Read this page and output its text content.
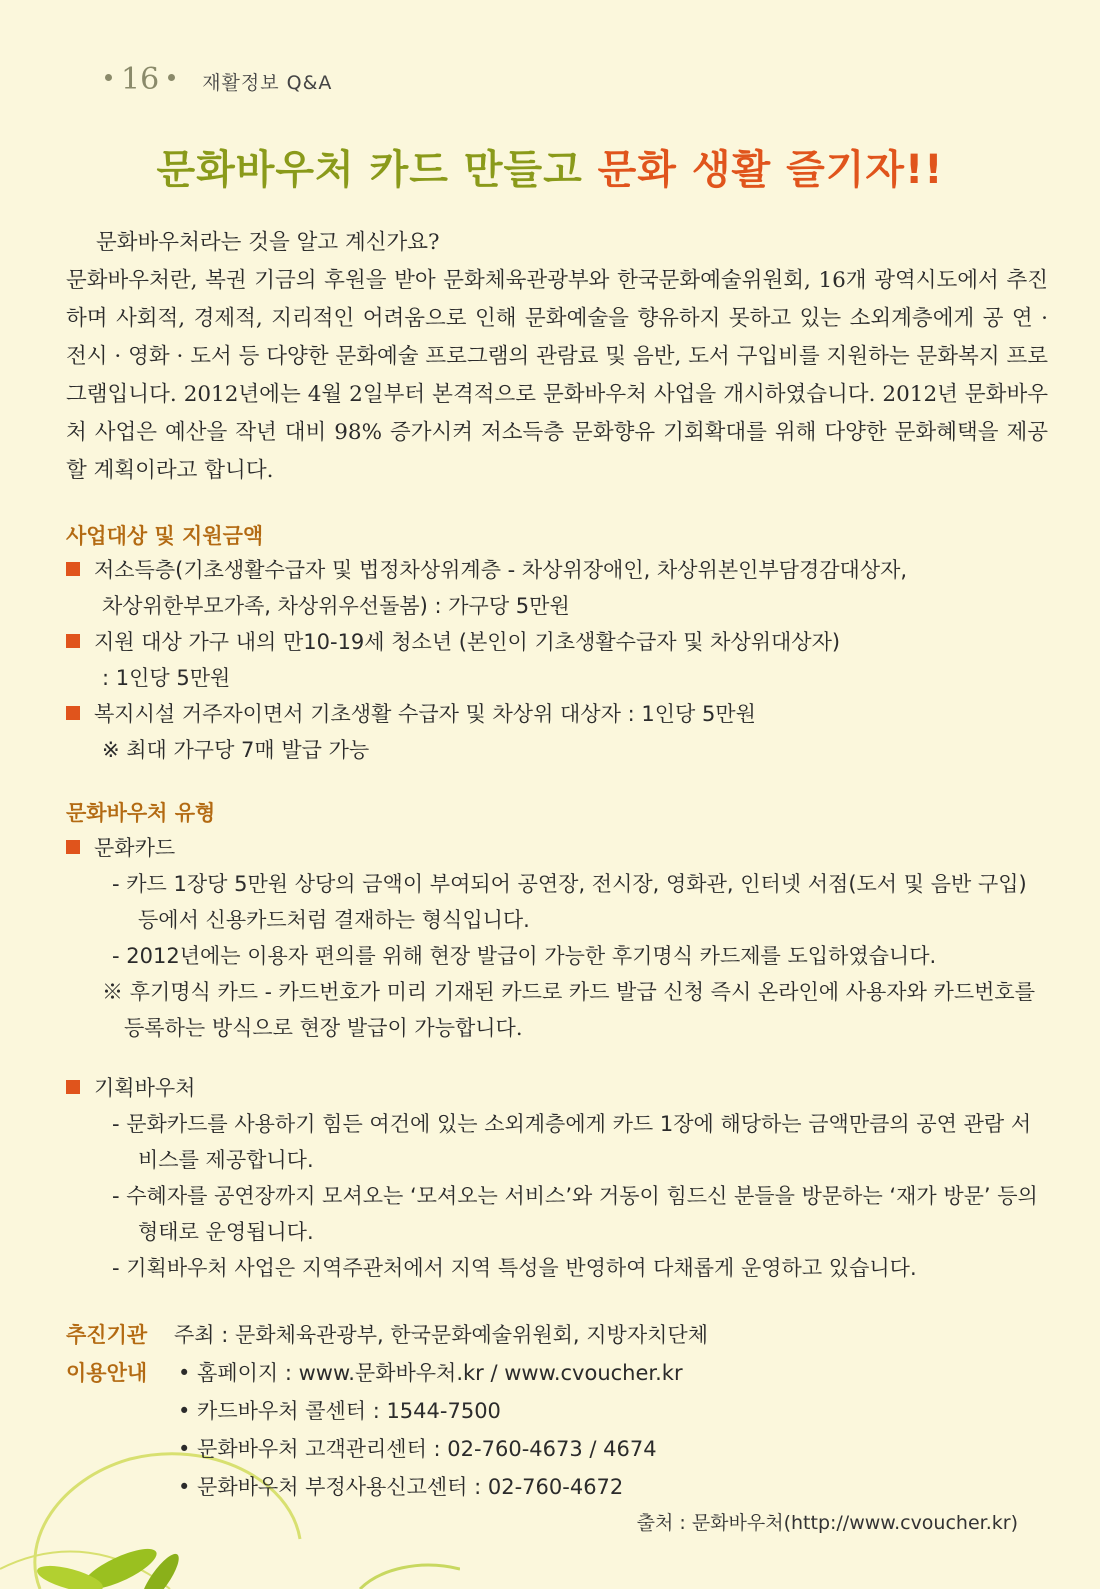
16 재활정보 Q&A
문화바우처 카드 만들고 문화 생활 즐기자!!

문화바우처라는 것을 알고 계신가요?

문화바우처란, 복권 기금의 후원을 받아 문화체육관광부와 한국문화예술위원회, 16개 광역시도에서 추진하며 사회적, 경제적, 지리적인 어려움으로 인해 문화예술을 향유하지 못하고 있는 소외계층에게 공 연 · 전시 · 영화 · 도서 등 다양한 문화예술 프로그램의 관람료 및 음반, 도서 구입비를 지원하는 문화복지 프로그램입니다. 2012년에는 4월 2일부터 본격적으로 문화바우처 사업을 개시하였습니다. 2012년 문화바우처 사업은 예산을 작년 대비 98% 증가시켜 저소득층 문화향유 기회확대를 위해 다양한 문화혜택을 제공할 계획이라고 합니다.

사업대상 및 지원금액
저소득층(기초생활수급자 및 법정차상위계층 - 차상위장애인, 차상위본인부담경감대상자,
차상위한부모가족, 차상위우선돌봄) : 가구당 5만원
지원 대상 가구 내의 만10-19세 청소년 (본인이 기초생활수급자 및 차상위대상자)
: 1인당 5만원
복지시설 거주자이면서 기초생활 수급자 및 차상위 대상자 : 1인당 5만원
※ 최대 가구당 7매 발급 가능
문화바우처 유형
문화카드
- 카드 1장당 5만원 상당의 금액이 부여되어 공연장, 전시장, 영화관, 인터넷 서점(도서 및 음반 구입) 등에서 신용카드처럼 결재하는 형식입니다.
- 2012년에는 이용자 편의를 위해 현장 발급이 가능한 후기명식 카드제를 도입하였습니다.
※ 후기명식 카드 - 카드번호가 미리 기재된 카드로 카드 발급 신청 즉시 온라인에 사용자와 카드번호를 등록하는 방식으로 현장 발급이 가능합니다.
기획바우처
- 문화카드를 사용하기 힘든 여건에 있는 소외계층에게 카드 1장에 해당하는 금액만큼의 공연 관람 서비스를 제공합니다.
- 수혜자를 공연장까지 모셔오는 ‘모셔오는 서비스’와 거동이 힘드신 분들을 방문하는 ‘재가 방문’ 등의 형태로 운영됩니다.
- 기획바우처 사업은 지역주관처에서 지역 특성을 반영하여 다채롭게 운영하고 있습니다.
추진기관 주최 : 문화체육관광부, 한국문화예술위원회, 지방자치단체
이용안내	• 홈페이지 : www.문화바우처.kr / www.cvoucher.kr
• 카드바우처 콜센터 : 1544-7500
• 문화바우처 고객관리센터 : 02-760-4673 / 4674
• 문화바우처 부정사용신고센터 : 02-760-4672
출처 : 문화바우처(http://www.cvoucher.kr)
